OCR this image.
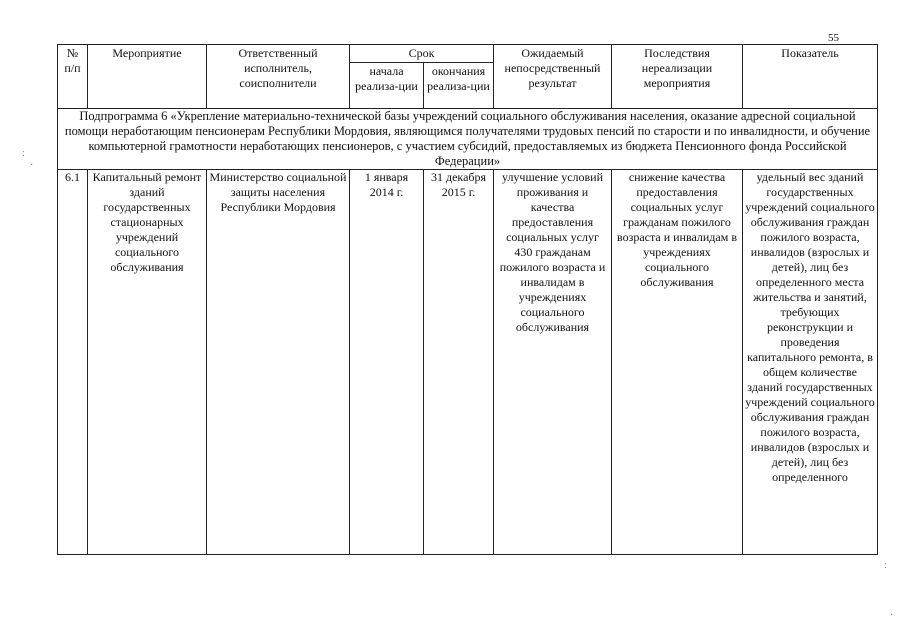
55
№
п/п	Мероприятие	Ответственный исполнитель, соисполнители	Срок		Ожидаемый непосредственный результат	Последствия нереализации мероприятия	Показатель
			начала реализа-ции	окончания реализа-ции			
Подпрограмма 6 «Укрепление материально-технической базы учреждений социального обслуживания населения, оказание адресной социальной помощи неработающим пенсионерам Республики Мордовия, являющимся получателями трудовых пенсий по старости и по инвалидности, и обучение компьютерной грамотности неработающих пенсионеров, с участием субсидий, предоставляемых из бюджета Пенсионного фонда Российской Федерации»							
6.1	Капитальный ремонт зданий государственных стационарных учреждений социального обслуживания	Министерство социальной защиты населения Республики Мордовия	1 января 2014 г.	31 декабря 2015 г.	улучшение условий проживания и качества предоставления социальных услуг 430 гражданам пожилого возраста и инвалидам в учреждениях социального обслуживания	снижение качества предоставления социальных услуг гражданам пожилого возраста и инвалидам в учреждениях социального обслуживания	удельный вес зданий государственных учреждений социального обслуживания граждан пожилого возраста, инвалидов (взрослых и детей), лиц без определенного места жительства и занятий, требующих реконструкции и проведения капитального ремонта, в общем количестве зданий государственных учреждений социального обслуживания граждан пожилого возраста, инвалидов (взрослых и детей), лиц без определенного
:
·
:
·
